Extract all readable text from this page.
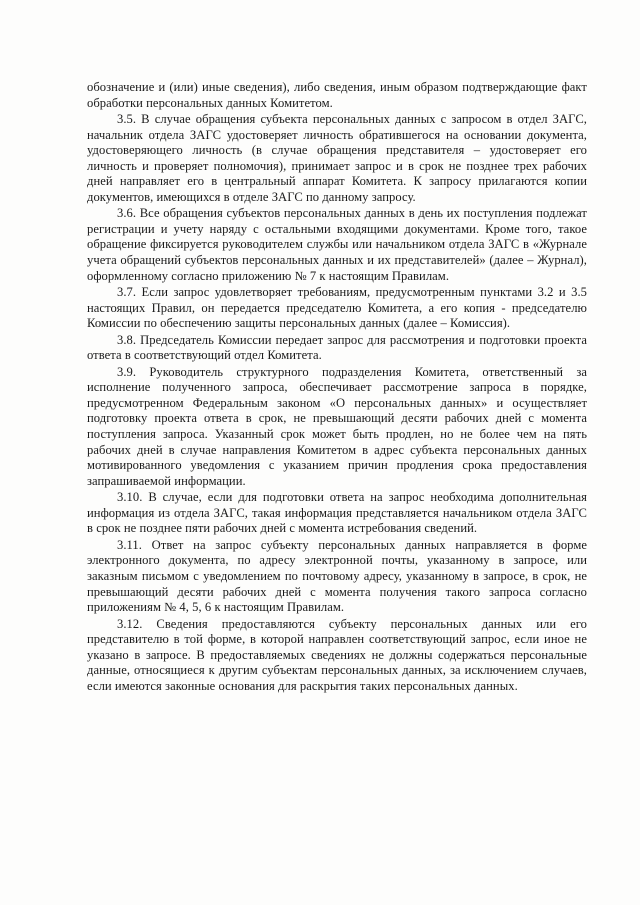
обозначение и (или) иные сведения), либо сведения, иным образом подтверждающие факт обработки персональных данных Комитетом.

3.5. В случае обращения субъекта персональных данных с запросом в отдел ЗАГС, начальник отдела ЗАГС удостоверяет личность обратившегося на основании документа, удостоверяющего личность (в случае обращения представителя – удостоверяет его личность и проверяет полномочия), принимает запрос и в срок не позднее трех рабочих дней направляет его в центральный аппарат Комитета. К запросу прилагаются копии документов, имеющихся в отделе ЗАГС по данному запросу.

3.6. Все обращения субъектов персональных данных в день их поступления подлежат регистрации и учету наряду с остальными входящими документами. Кроме того, такое обращение фиксируется руководителем службы или начальником отдела ЗАГС в «Журнале учета обращений субъектов персональных данных и их представителей» (далее – Журнал), оформленному согласно приложению № 7 к настоящим Правилам.

3.7. Если запрос удовлетворяет требованиям, предусмотренным пунктами 3.2 и 3.5 настоящих Правил, он передается председателю Комитета, а его копия - председателю Комиссии по обеспечению защиты персональных данных (далее – Комиссия).

3.8. Председатель Комиссии передает запрос для рассмотрения и подготовки проекта ответа в соответствующий отдел Комитета.

3.9. Руководитель структурного подразделения Комитета, ответственный за исполнение полученного запроса, обеспечивает рассмотрение запроса в порядке, предусмотренном Федеральным законом «О персональных данных» и осуществляет подготовку проекта ответа в срок, не превышающий десяти рабочих дней с момента поступления запроса. Указанный срок может быть продлен, но не более чем на пять рабочих дней в случае направления Комитетом в адрес субъекта персональных данных мотивированного уведомления с указанием причин продления срока предоставления запрашиваемой информации.

3.10. В случае, если для подготовки ответа на запрос необходима дополнительная информация из отдела ЗАГС, такая информация представляется начальником отдела ЗАГС в срок не позднее пяти рабочих дней с момента истребования сведений.

3.11. Ответ на запрос субъекту персональных данных направляется в форме электронного документа, по адресу электронной почты, указанному в запросе, или заказным письмом с уведомлением по почтовому адресу, указанному в запросе, в срок, не превышающий десяти рабочих дней с момента получения такого запроса согласно приложениям № 4, 5, 6 к настоящим Правилам.

3.12. Сведения предоставляются субъекту персональных данных или его представителю в той форме, в которой направлен соответствующий запрос, если иное не указано в запросе. В предоставляемых сведениях не должны содержаться персональные данные, относящиеся к другим субъектам персональных данных, за исключением случаев, если имеются законные основания для раскрытия таких персональных данных.
